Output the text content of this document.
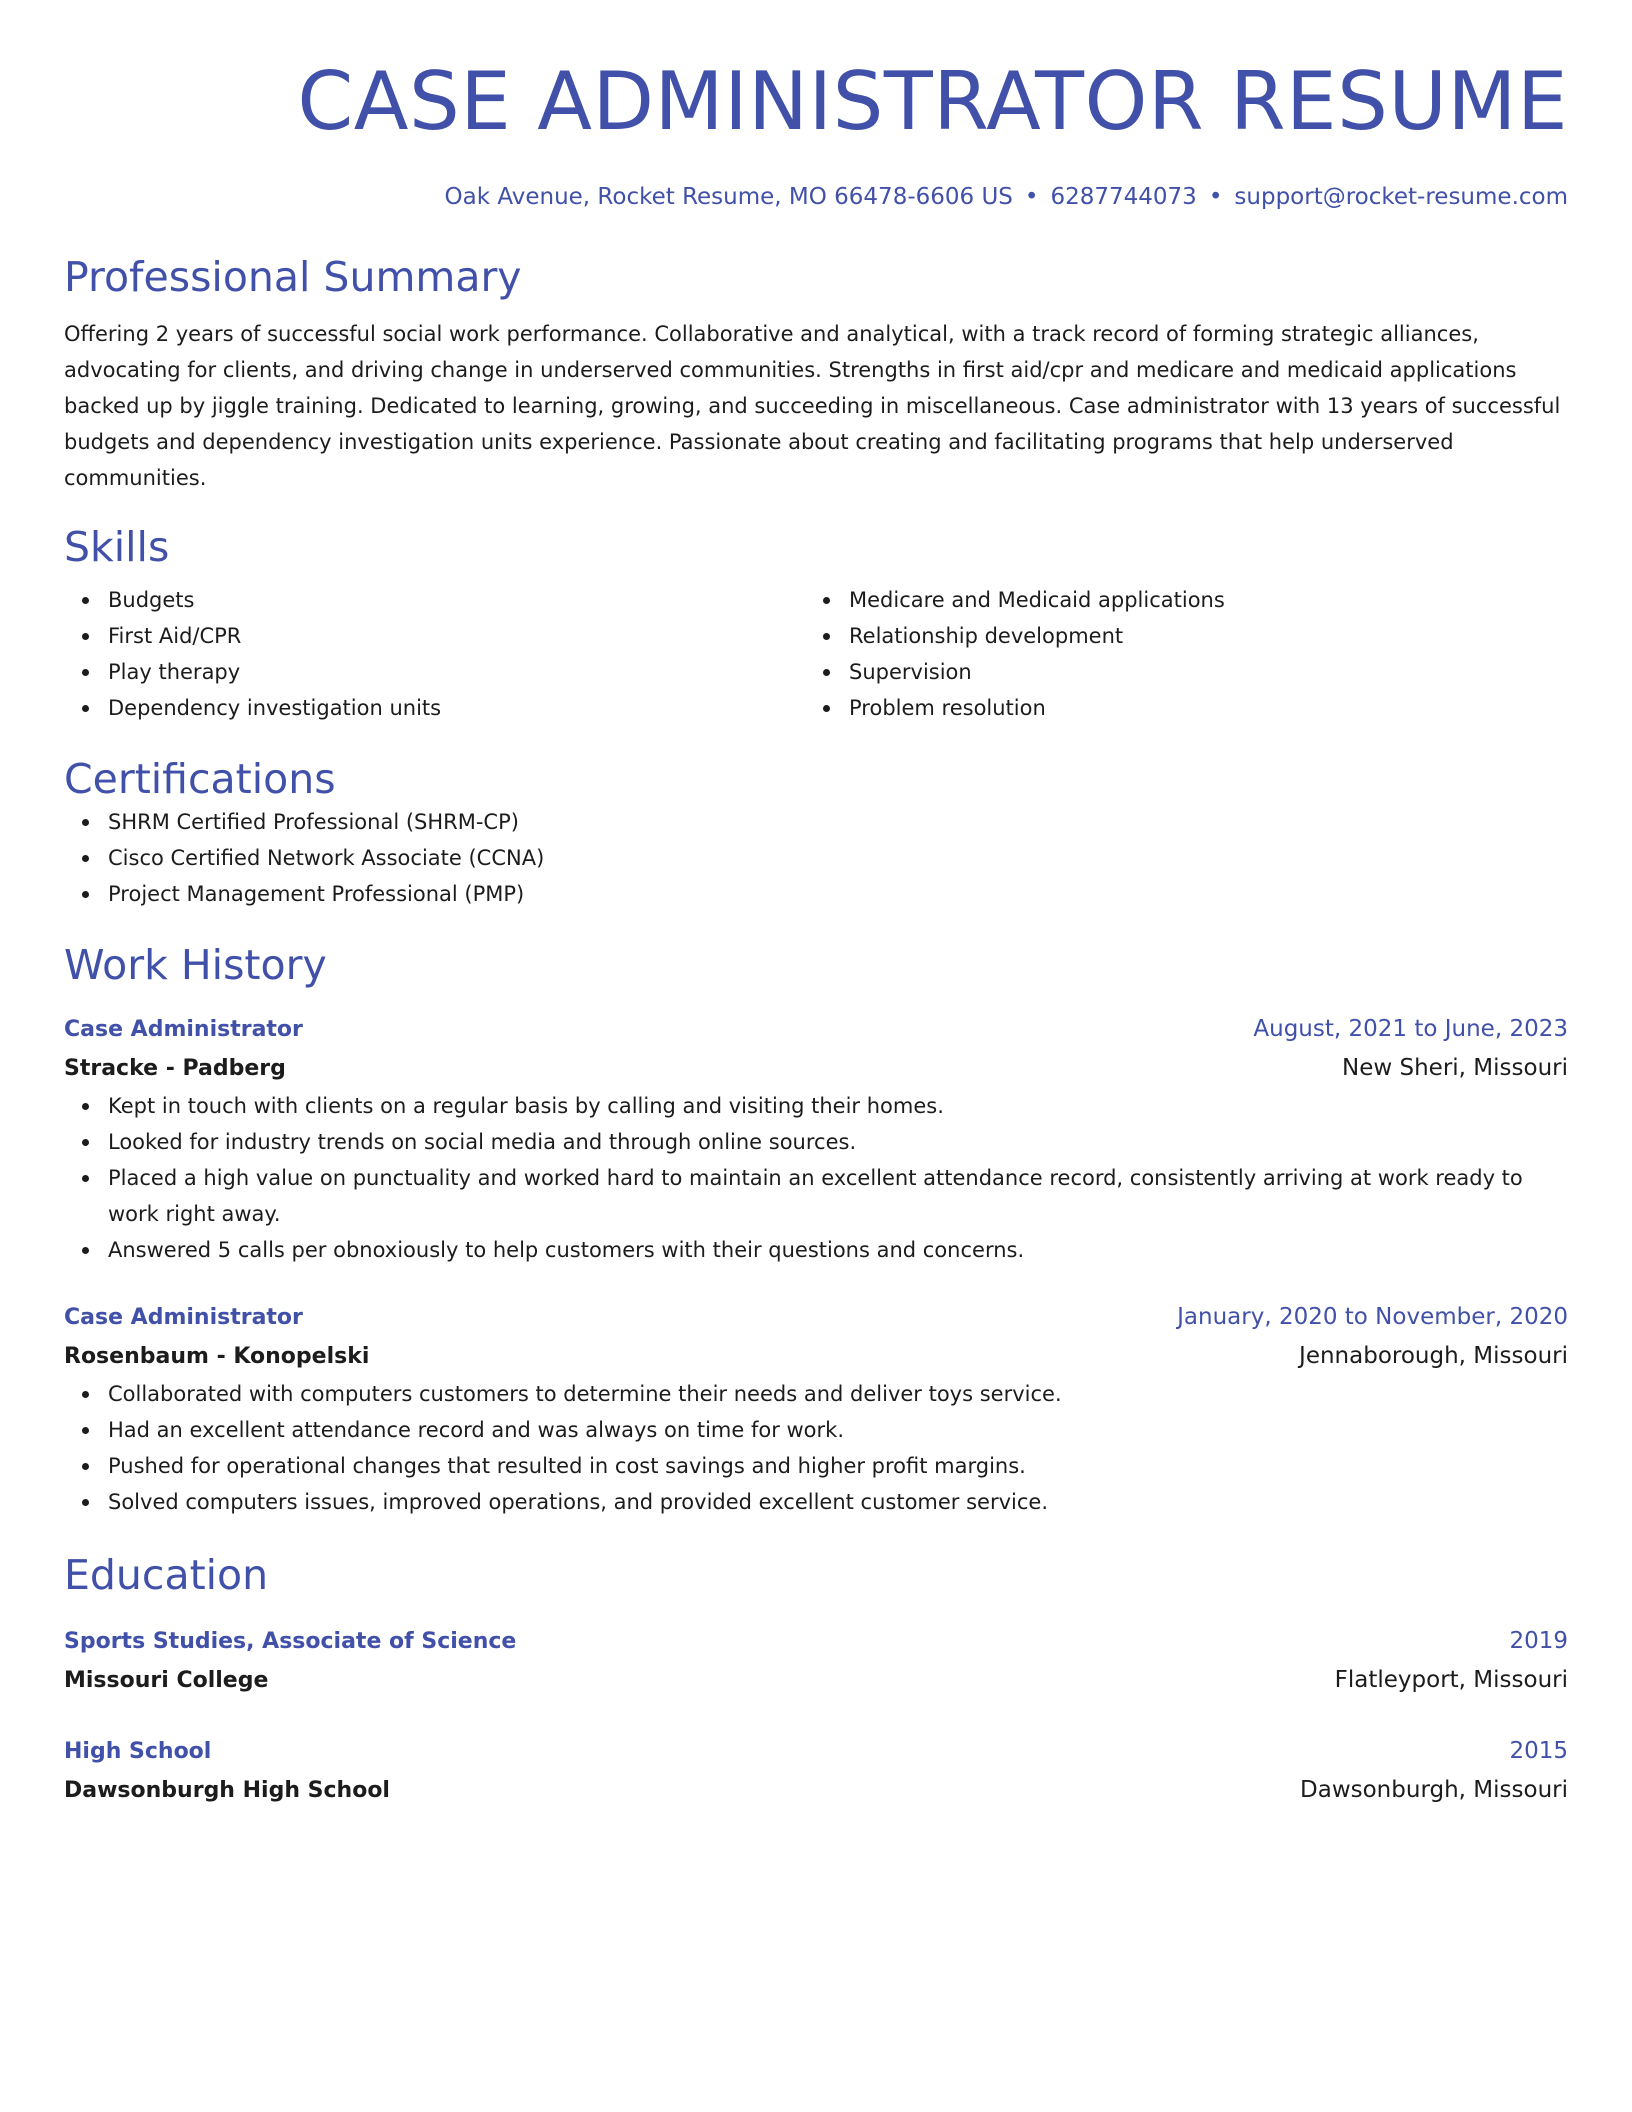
CASE ADMINISTRATOR RESUME
Oak Avenue, Rocket Resume, MO 66478-6606 US • 6287744073 • support@rocket-resume.com
Professional Summary
Offering 2 years of successful social work performance. Collaborative and analytical, with a track record of forming strategic alliances, advocating for clients, and driving change in underserved communities. Strengths in first aid/cpr and medicare and medicaid applications backed up by jiggle training. Dedicated to learning, growing, and succeeding in miscellaneous. Case administrator with 13 years of successful budgets and dependency investigation units experience. Passionate about creating and facilitating programs that help underserved communities.
Skills
Budgets
First Aid/CPR
Play therapy
Dependency investigation units
Medicare and Medicaid applications
Relationship development
Supervision
Problem resolution
Certifications
SHRM Certified Professional (SHRM-CP)
Cisco Certified Network Associate (CCNA)
Project Management Professional (PMP)
Work History
Case Administrator	August, 2021 to June, 2023
Stracke - Padberg	New Sheri, Missouri
Kept in touch with clients on a regular basis by calling and visiting their homes.
Looked for industry trends on social media and through online sources.
Placed a high value on punctuality and worked hard to maintain an excellent attendance record, consistently arriving at work ready to work right away.
Answered 5 calls per obnoxiously to help customers with their questions and concerns.
Case Administrator	January, 2020 to November, 2020
Rosenbaum - Konopelski	Jennaborough, Missouri
Collaborated with computers customers to determine their needs and deliver toys service.
Had an excellent attendance record and was always on time for work.
Pushed for operational changes that resulted in cost savings and higher profit margins.
Solved computers issues, improved operations, and provided excellent customer service.
Education
Sports Studies, Associate of Science	2019
Missouri College	Flatleyport, Missouri
High School	2015
Dawsonburgh High School	Dawsonburgh, Missouri
